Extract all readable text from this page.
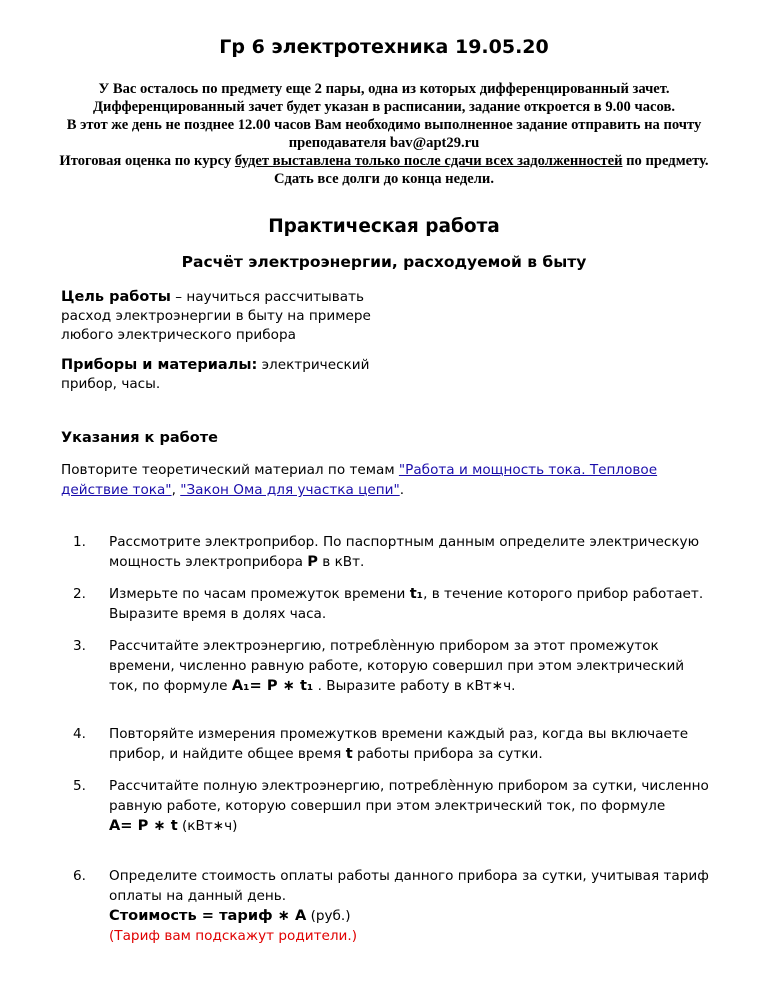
Гр 6 электротехника 19.05.20
У Вас осталось по предмету еще 2 пары, одна из которых дифференцированный зачет.
Дифференцированный зачет будет указан в расписании, задание откроется в 9.00 часов.
В этот же день не позднее 12.00 часов Вам необходимо выполненное задание отправить на почту преподавателя bav@apt29.ru
Итоговая оценка по курсу будет выставлена только после сдачи всех задолженностей по предмету. Сдать все долги до конца недели.
Практическая работа
Расчёт электроэнергии, расходуемой в быту
Цель работы – научиться рассчитывать расход электроэнергии в быту на примере любого электрического прибора
Приборы и материалы: электрический прибор, часы.
Указания к работе
Повторите теоретический материал по темам "Работа и мощность тока. Тепловое действие тока", "Закон Ома для участка цепи".
1.	Рассмотрите электроприбор. По паспортным данным определите электрическую мощность электроприбора P в кВт.
2.	Измерьте по часам промежуток времени t₁, в течение которого прибор работает. Выразите время в долях часа.
3.	Рассчитайте электроэнергию, потреблѐнную прибором за этот промежуток времени, численно равную работе, которую совершил при этом электрический ток, по формуле A₁= P ∗ t₁ . Выразите работу в кВт∗ч.
4.	Повторяйте измерения промежутков времени каждый раз, когда вы включаете прибор, и найдите общее время t работы прибора за сутки.
5.	Рассчитайте полную электроэнергию, потреблѐнную прибором за сутки, численно равную работе, которую совершил при этом электрический ток, по формуле
A= P ∗ t (кВт∗ч)
6.	Определите стоимость оплаты работы данного прибора за сутки, учитывая тариф оплаты на данный день.
Стоимость = тариф ∗ А (руб.)
(Тариф вам подскажут родители.)
